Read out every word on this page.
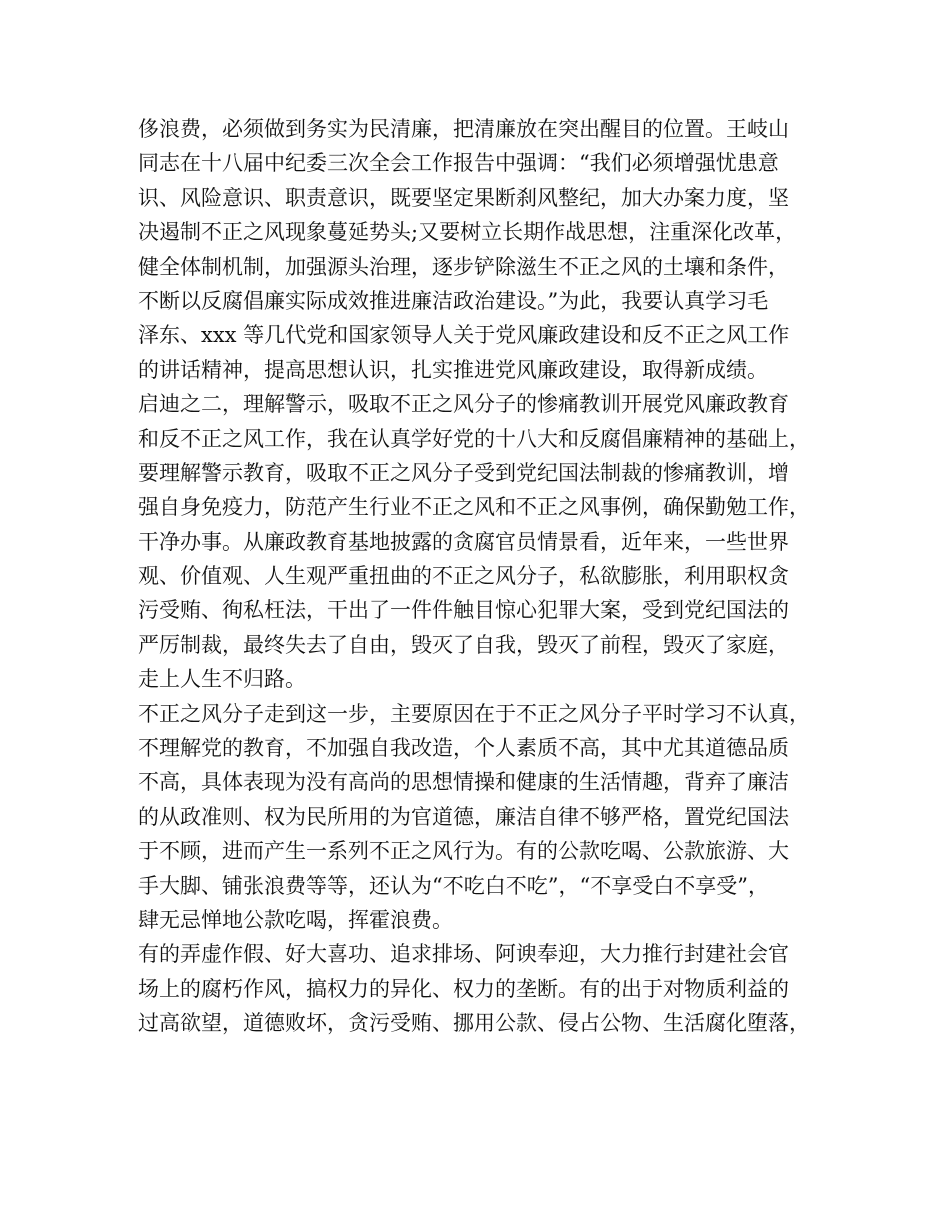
侈浪费，必须做到务实为民清廉，把清廉放在突出醒目的位置。王岐山
同志在十八届中纪委三次全会工作报告中强调：“我们必须增强忧患意
识、风险意识、职责意识，既要坚定果断刹风整纪，加大办案力度，坚
决遏制不正之风现象蔓延势头;又要树立长期作战思想，注重深化改革，
健全体制机制，加强源头治理，逐步铲除滋生不正之风的土壤和条件，
不断以反腐倡廉实际成效推进廉洁政治建设。”为此，我要认真学习毛
泽东、xxx 等几代党和国家领导人关于党风廉政建设和反不正之风工作
的讲话精神，提高思想认识，扎实推进党风廉政建设，取得新成绩。
启迪之二，理解警示，吸取不正之风分子的惨痛教训开展党风廉政教育
和反不正之风工作，我在认真学好党的十八大和反腐倡廉精神的基础上，
要理解警示教育，吸取不正之风分子受到党纪国法制裁的惨痛教训，增
强自身免疫力，防范产生行业不正之风和不正之风事例，确保勤勉工作，
干净办事。从廉政教育基地披露的贪腐官员情景看，近年来，一些世界
观、价值观、人生观严重扭曲的不正之风分子，私欲膨胀，利用职权贪
污受贿、徇私枉法，干出了一件件触目惊心犯罪大案，受到党纪国法的
严厉制裁，最终失去了自由，毁灭了自我，毁灭了前程，毁灭了家庭，
走上人生不归路。
不正之风分子走到这一步，主要原因在于不正之风分子平时学习不认真，
不理解党的教育，不加强自我改造，个人素质不高，其中尤其道德品质
不高，具体表现为没有高尚的思想情操和健康的生活情趣，背弃了廉洁
的从政准则、权为民所用的为官道德，廉洁自律不够严格，置党纪国法
于不顾，进而产生一系列不正之风行为。有的公款吃喝、公款旅游、大
手大脚、铺张浪费等等，还认为“不吃白不吃”，“不享受白不享受”，
肆无忌惮地公款吃喝，挥霍浪费。
有的弄虚作假、好大喜功、追求排场、阿谀奉迎，大力推行封建社会官
场上的腐朽作风，搞权力的异化、权力的垄断。有的出于对物质利益的
过高欲望，道德败坏，贪污受贿、挪用公款、侵占公物、生活腐化堕落，
